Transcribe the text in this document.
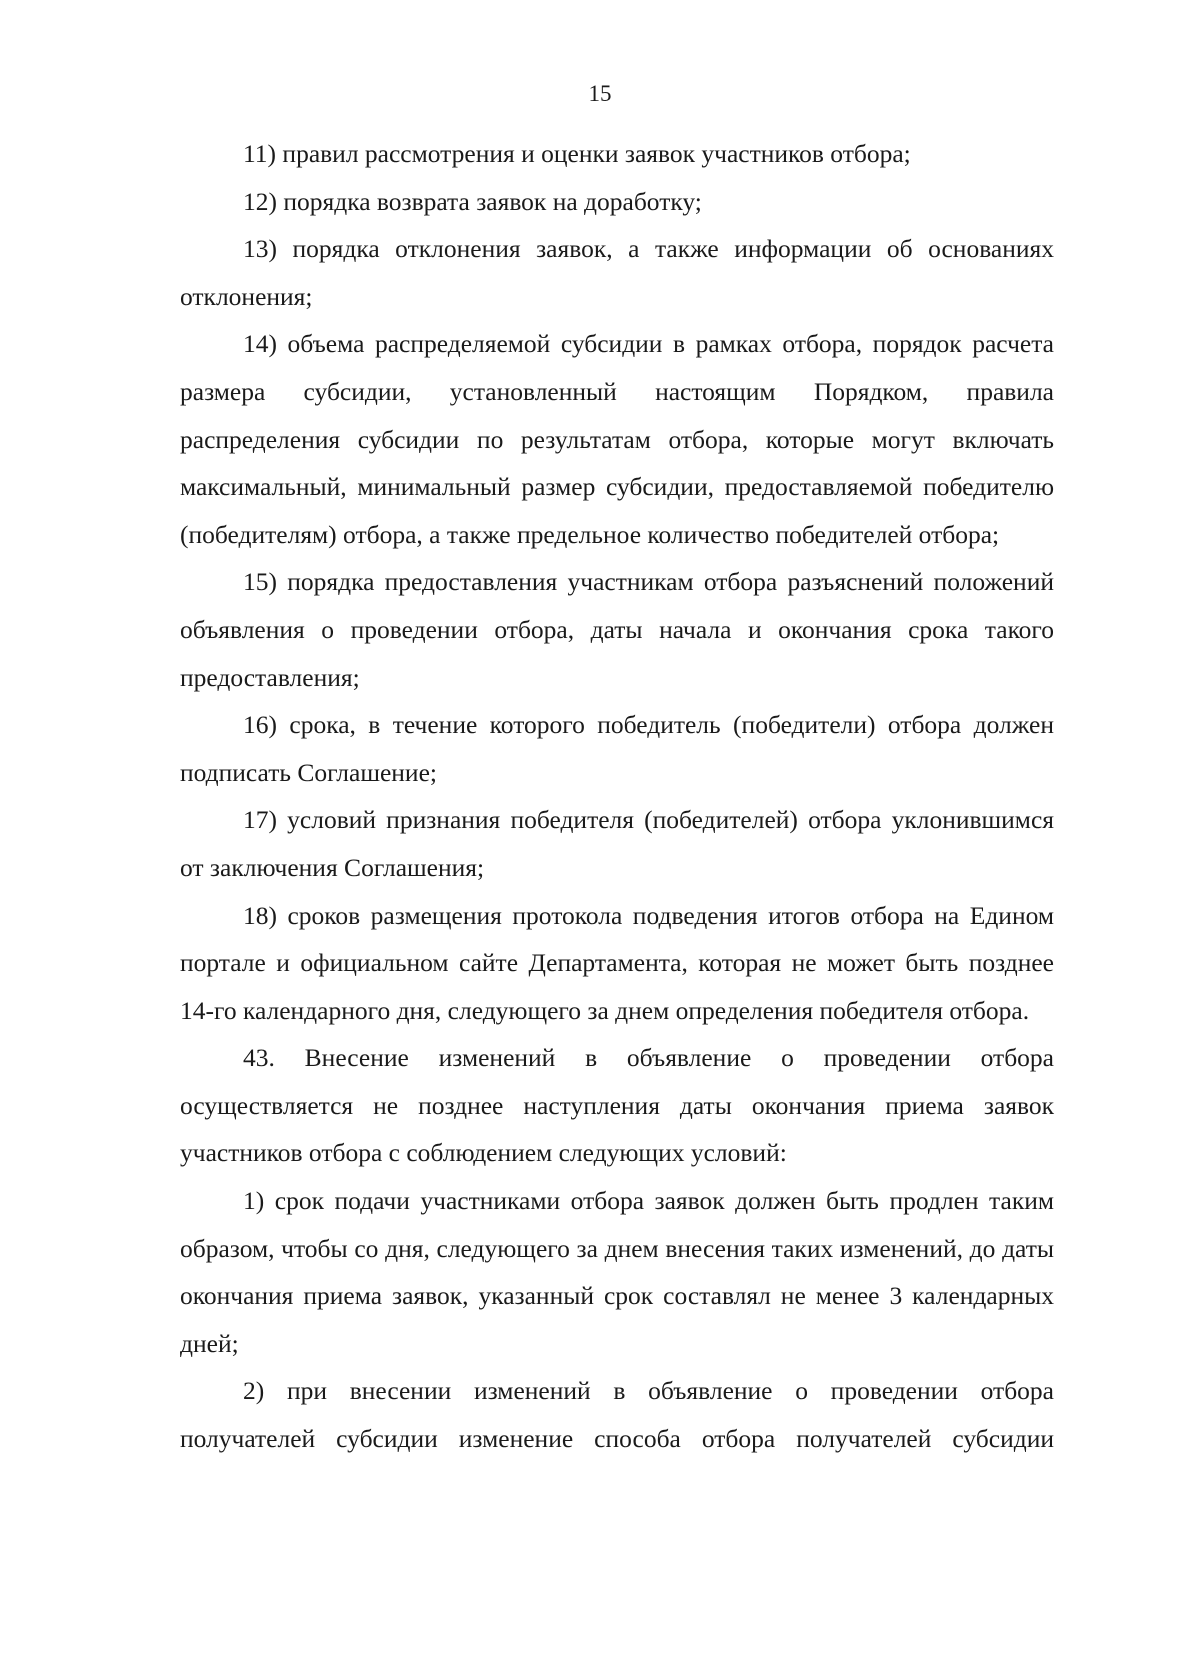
15

11) правил рассмотрения и оценки заявок участников отбора;

12) порядка возврата заявок на доработку;

13) порядка отклонения заявок, а также информации об основаниях отклонения;

14) объема распределяемой субсидии в рамках отбора, порядок расчета размера субсидии, установленный настоящим Порядком, правила распределения субсидии по результатам отбора, которые могут включать максимальный, минимальный размер субсидии, предоставляемой победителю (победителям) отбора, а также предельное количество победителей отбора;

15) порядка предоставления участникам отбора разъяснений положений объявления о проведении отбора, даты начала и окончания срока такого предоставления;

16) срока, в течение которого победитель (победители) отбора должен подписать Соглашение;

17) условий признания победителя (победителей) отбора уклонившимся от заключения Соглашения;

18) сроков размещения протокола подведения итогов отбора на Едином портале и официальном сайте Департамента, которая не может быть позднее 14-го календарного дня, следующего за днем определения победителя отбора.

43. Внесение изменений в объявление о проведении отбора осуществляется не позднее наступления даты окончания приема заявок участников отбора с соблюдением следующих условий:

1) срок подачи участниками отбора заявок должен быть продлен таким образом, чтобы со дня, следующего за днем внесения таких изменений, до даты окончания приема заявок, указанный срок составлял не менее 3 календарных дней;

2) при внесении изменений в объявление о проведении отбора получателей субсидии изменение способа отбора получателей субсидии
